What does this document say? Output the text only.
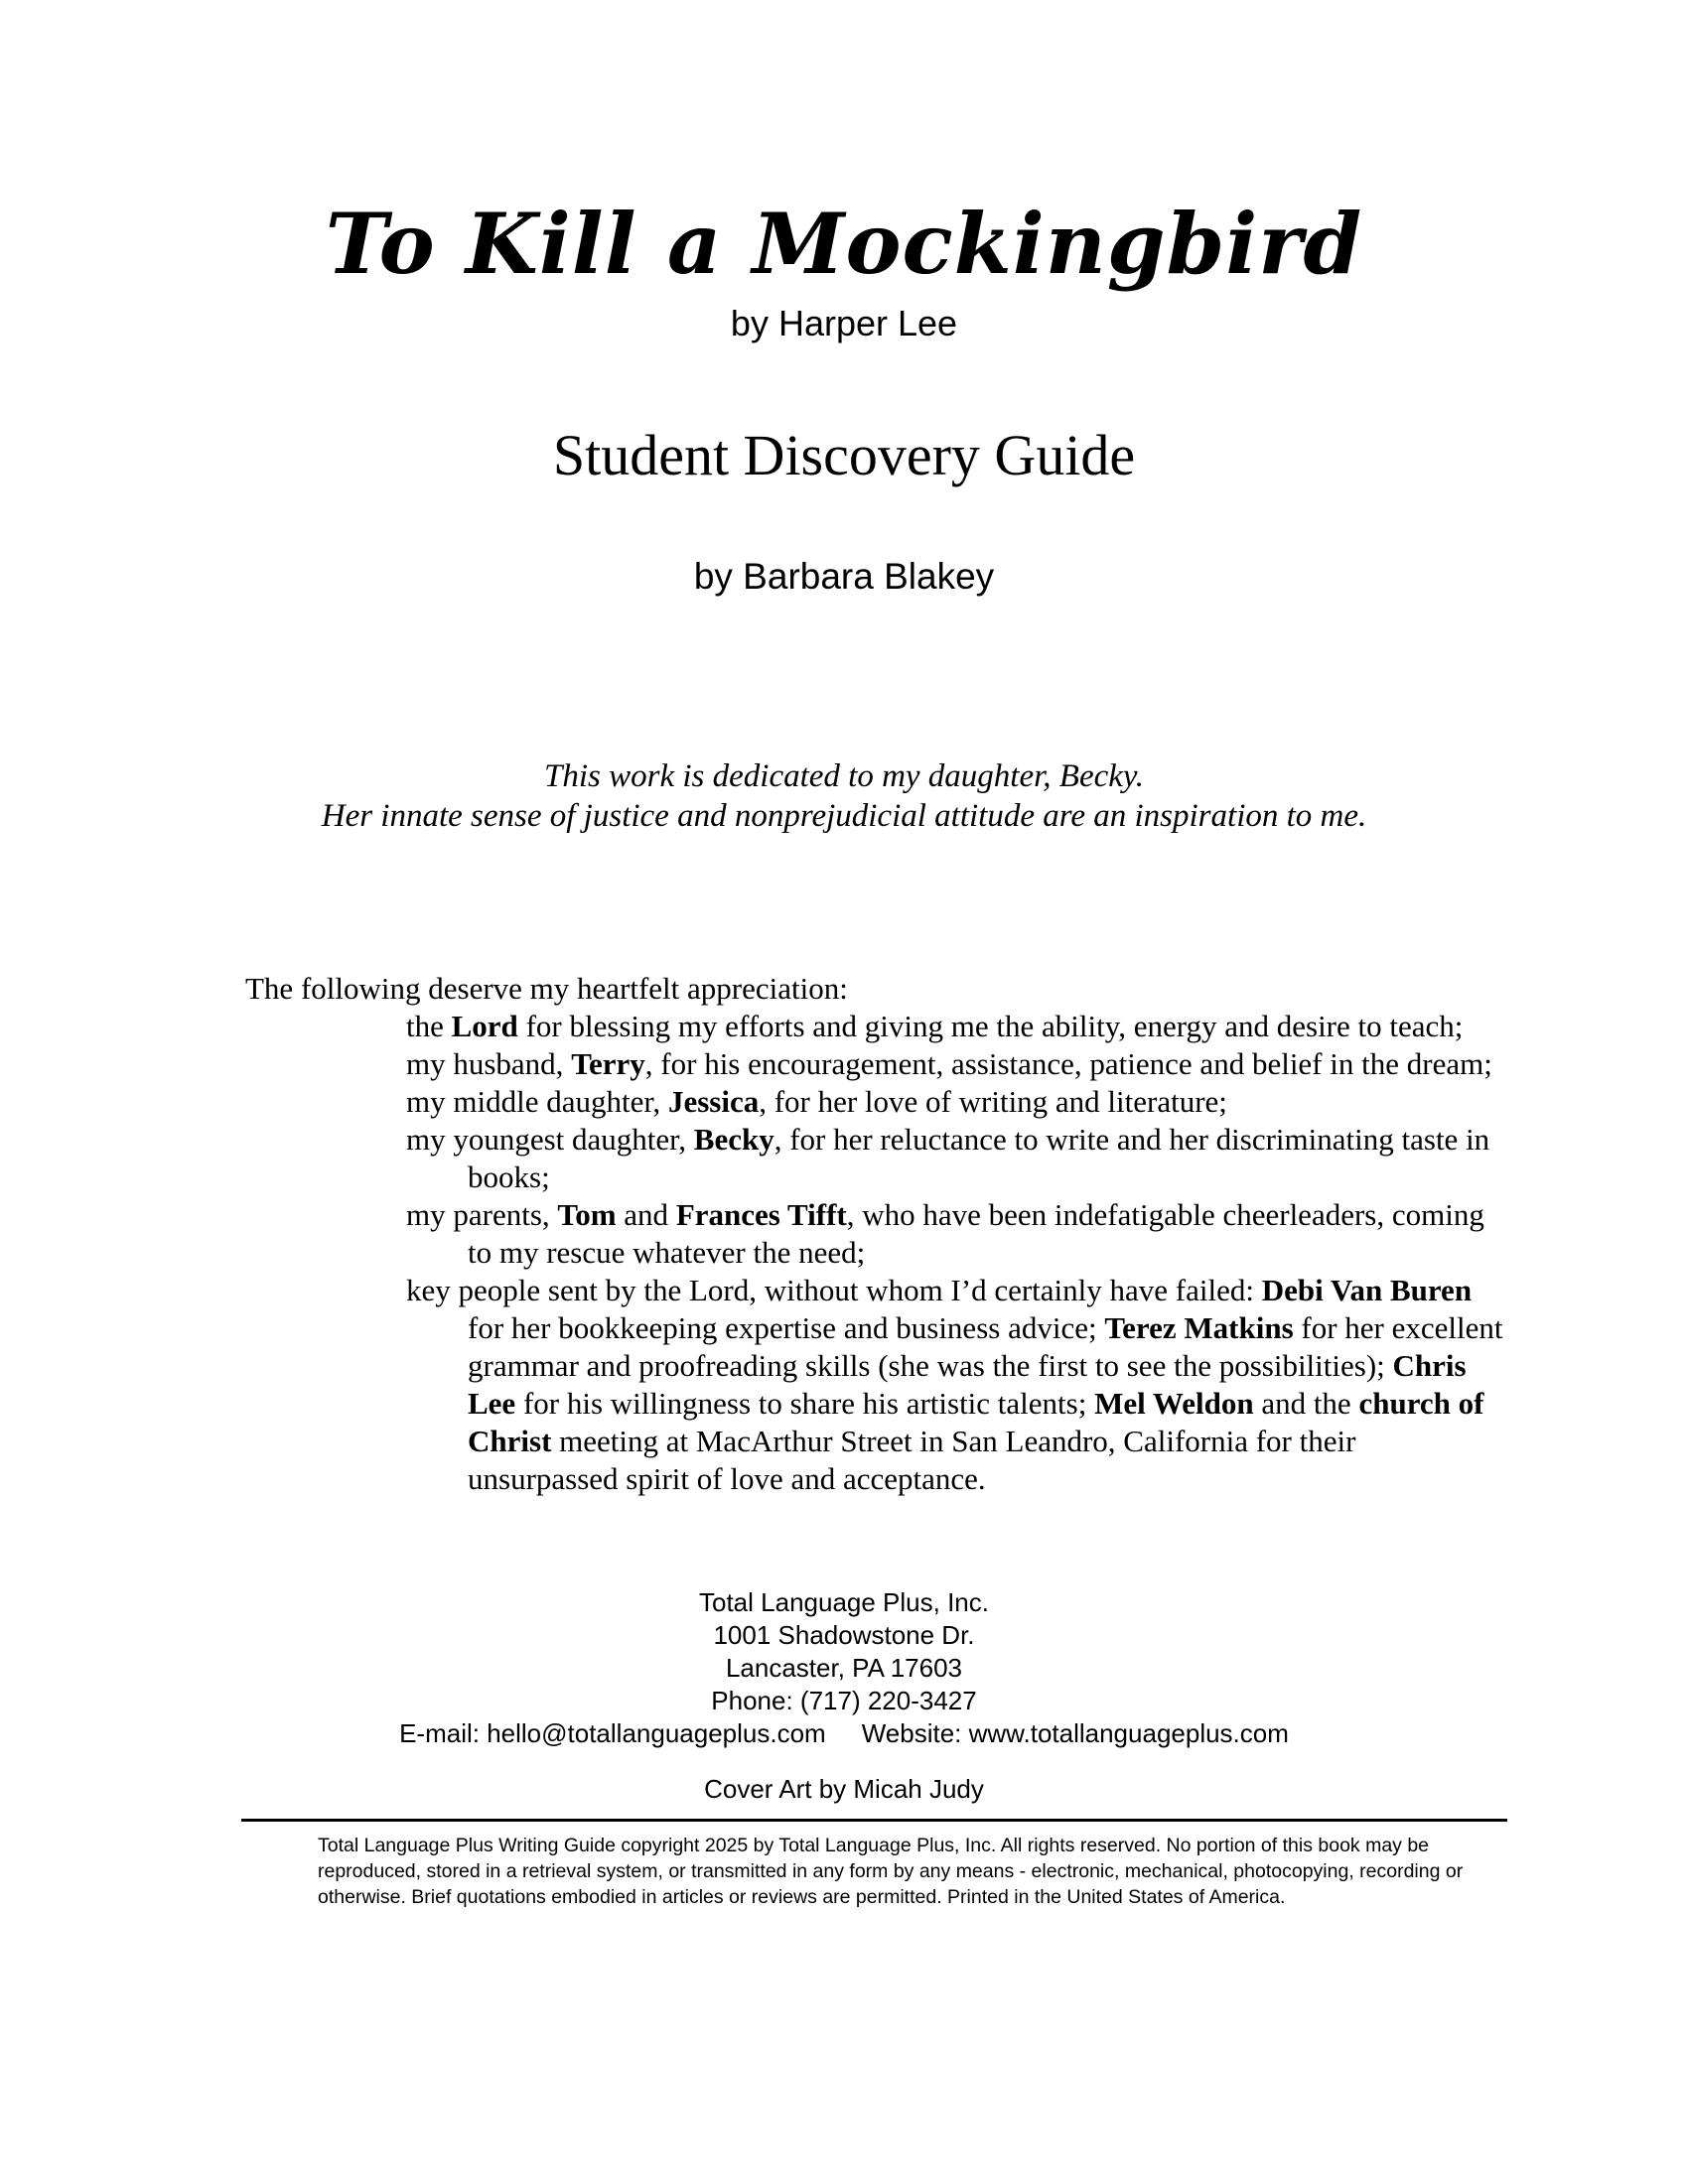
To Kill a Mockingbird
by Harper Lee
Student Discovery Guide
by Barbara Blakey
This work is dedicated to my daughter, Becky.
Her innate sense of justice and nonprejudicial attitude are an inspiration to me.

The following deserve my heartfelt appreciation:

the Lord for blessing my efforts and giving me the ability, energy and desire to teach;
my husband, Terry, for his encouragement, assistance, patience and belief in the dream;
my middle daughter, Jessica, for her love of writing and literature;
my youngest daughter, Becky, for her reluctance to write and her discriminating taste in books;
my parents, Tom and Frances Tifft, who have been indefatigable cheerleaders, coming to my rescue whatever the need;
key people sent by the Lord, without whom I’d certainly have failed: Debi Van Buren for her bookkeeping expertise and business advice; Terez Matkins for her excellent grammar and proofreading skills (she was the first to see the possibilities); Chris Lee for his willingness to share his artistic talents; Mel Weldon and the church of Christ meeting at MacArthur Street in San Leandro, California for their unsurpassed spirit of love and acceptance.
Total Language Plus, Inc.
1001 Shadowstone Dr.
Lancaster, PA 17603
Phone: (717) 220-3427
E-mail: hello@totallanguageplus.com Website: www.totallanguageplus.com
Cover Art by Micah Judy
Total Language Plus Writing Guide copyright 2025 by Total Language Plus, Inc. All rights reserved. No portion of this book may be reproduced, stored in a retrieval system, or transmitted in any form by any means - electronic, mechanical, photocopying, recording or otherwise. Brief quotations embodied in articles or reviews are permitted. Printed in the United States of America.
